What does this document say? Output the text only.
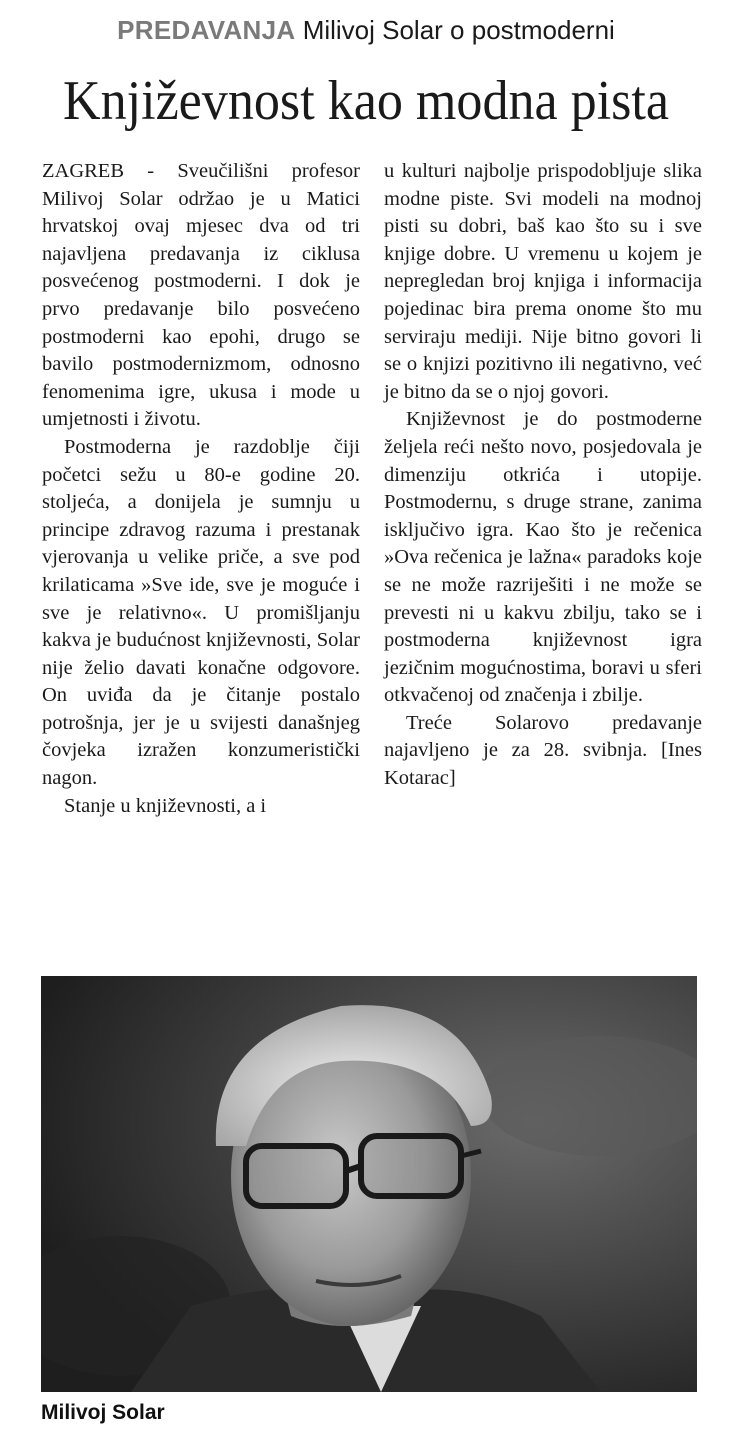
PREDAVANJA Milivoj Solar o postmoderni
Književnost kao modna pista

ZAGREB - Sveučilišni profesor Milivoj Solar održao je u Matici hrvatskoj ovaj mjesec dva od tri najavljena predavanja iz ciklusa posvećenog postmoderni. I dok je prvo predavanje bilo posvećeno postmoderni kao epohi, drugo se bavilo postmodernizmom, odnosno fenomenima igre, ukusa i mode u umjetnosti i životu.

Postmoderna je razdoblje čiji početci sežu u 80-e godine 20. stoljeća, a donijela je sumnju u principe zdravog razuma i prestanak vjerovanja u velike priče, a sve pod krilaticama »Sve ide, sve je moguće i sve je relativno«. U promišljanju kakva je budućnost književnosti, Solar nije želio davati konačne odgovore. On uviđa da je čitanje postalo potrošnja, jer je u svijesti današnjeg čovjeka izražen konzumeristički nagon.

Stanje u književnosti, a i

u kulturi najbolje prispodobljuje slika modne piste. Svi modeli na modnoj pisti su dobri, baš kao što su i sve knjige dobre. U vremenu u kojem je nepregledan broj knjiga i informacija pojedinac bira prema onome što mu serviraju mediji. Nije bitno govori li se o knjizi pozitivno ili negativno, već je bitno da se o njoj govori.

Književnost je do postmoderne željela reći nešto novo, posjedovala je dimenziju otkrića i utopije. Postmodernu, s druge strane, zanima isključivo igra. Kao što je rečenica »Ova rečenica je lažna« paradoks koje se ne može razriješiti i ne može se prevesti ni u kakvu zbilju, tako se i postmoderna književnost igra jezičnim mogućnostima, boravi u sferi otkvačenoj od značenja i zbilje.

Treće Solarovo predavanje najavljeno je za 28. svibnja. [Ines Kotarac]

Milivoj Solar
